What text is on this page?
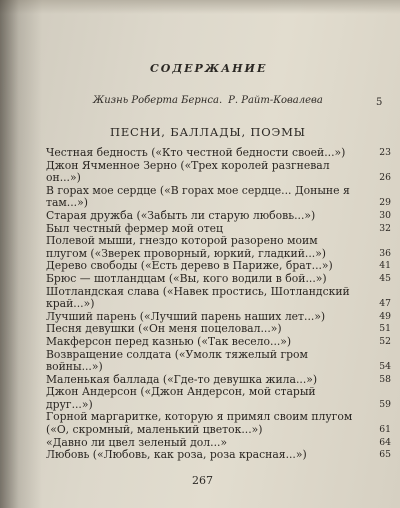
СОДЕРЖАНИЕ
Жизнь Роберта Бернса. Р. Райт-Ковалева	5
ПЕСНИ, БАЛЛАДЫ, ПОЭМЫ
Честная бедность («Кто честной бедности своей...»)	23
Джон Ячменное Зерно («Трех королей разгневал он...»)	26
В горах мое сердце («В горах мое сердце... Доныне я там...»)	29
Старая дружба («Забыть ли старую любовь...»)	30
Был честный фермер мой отец	32
Полевой мыши, гнездо которой разорено моим плугом («Зверек проворный, юркий, гладкий...»)	36
Дерево свободы («Есть дерево в Париже, брат...»)	41
Брюс — шотландцам («Вы, кого водили в бой...»)	45
Шотландская слава («Навек простись, Шотландский край...»)	47
Лучший парень («Лучший парень наших лет...»)	49
Песня девушки («Он меня поцеловал...»)	51
Макферсон перед казнью («Так весело...»)	52
Возвращение солдата («Умолк тяжелый гром войны...»)	54
Маленькая баллада («Где-то девушка жила...»)	58
Джон Андерсон («Джон Андерсон, мой старый друг...»)	59
Горной маргаритке, которую я примял своим плугом («О, скромный, маленький цветок...»)	61
«Давно ли цвел зеленый дол...»	64
Любовь («Любовь, как роза, роза красная...»)	65
267
